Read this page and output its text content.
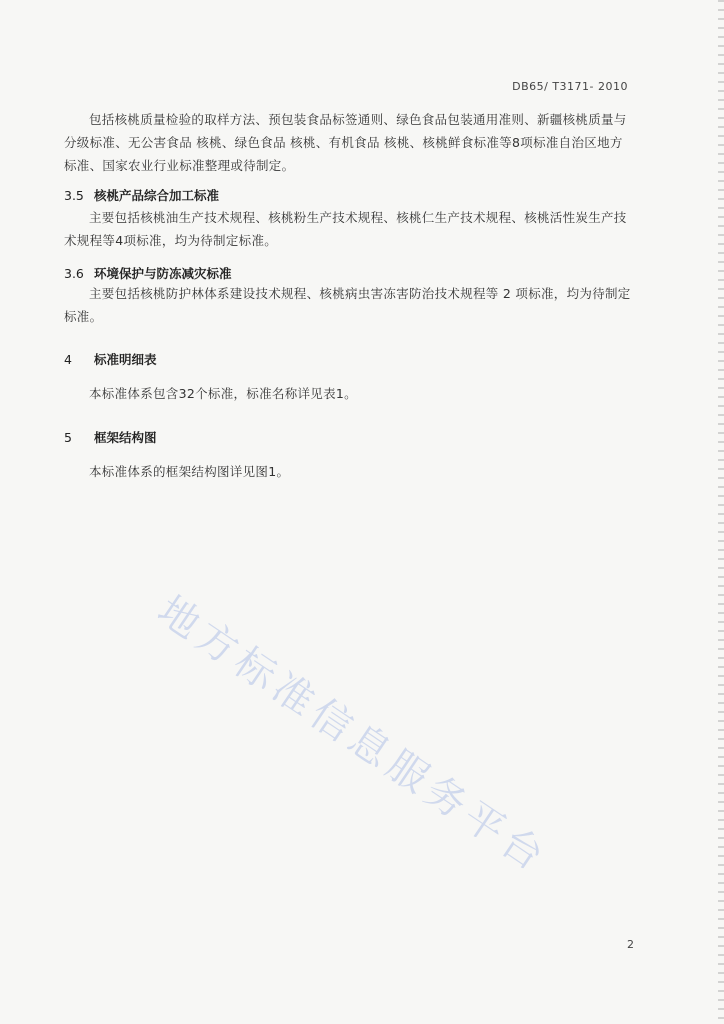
DB65/ T3171- 2010
包括核桃质量检验的取样方法、预包装食品标签通则、绿色食品包装通用准则、新疆核桃质量与分级标准、无公害食品 核桃、绿色食品 核桃、有机食品 核桃、核桃鲜食标准等8项标准自治区地方标准、国家农业行业标准整理或待制定。
3.5 核桃产品综合加工标准
主要包括核桃油生产技术规程、核桃粉生产技术规程、核桃仁生产技术规程、核桃活性炭生产技术规程等4项标准，均为待制定标准。
3.6 环境保护与防冻减灾标准
主要包括核桃防护林体系建设技术规程、核桃病虫害冻害防治技术规程等 2 项标准，均为待制定标准。
4 标准明细表
本标准体系包含32个标准，标准名称详见表1。
5 框架结构图
本标准体系的框架结构图详见图1。
地方标准信息服务平台
2
